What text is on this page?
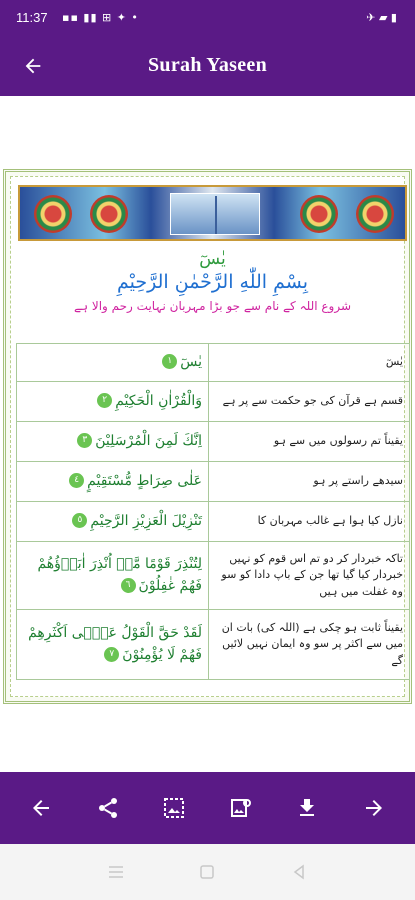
11:37 ▪▪ ▮▮ ⊞ ✦ •	✈ ▰ ▮
Surah Yaseen
يٰسٓ
بِسْمِ اللّٰهِ الرَّحْمٰنِ الرَّحِيْمِ
شروع اللہ کے نام سے جو بڑا مہربان نہایت رحم والا ہے
يٰسٓ١	یٰسٓ
وَالْقُرْاٰنِ الْحَكِيْمِ٢	قسم ہے قرآن کی جو حکمت سے پر ہے
اِنَّكَ لَمِنَ الْمُرْسَلِيْنَ٣	یقیناً تم رسولوں میں سے ہو
عَلٰى صِرَاطٍ مُّسْتَقِيْمٍ٤	سیدھے راستے پر ہو
تَنْزِيْلَ الْعَزِيْزِ الرَّحِيْمِ٥	نازل کیا ہوا ہے غالب مہربان کا
لِتُنْذِرَ قَوْمًا مَّاۤ اُنْذِرَ اٰبَاۤؤُهُمْ فَهُمْ غٰفِلُوْنَ٦	تاکہ خبردار کر دو تم اس قوم کو نہیں خبردار کیا گیا تھا جن کے باپ دادا کو سو وہ غفلت میں ہیں
لَقَدْ حَقَّ الْقَوْلُ عَلٰۤى اَكْثَرِهِمْ فَهُمْ لَا يُؤْمِنُوْنَ٧	یقیناً ثابت ہو چکی ہے (اللہ کی) بات ان میں سے اکثر پر سو وہ ایمان نہیں لائیں گے
